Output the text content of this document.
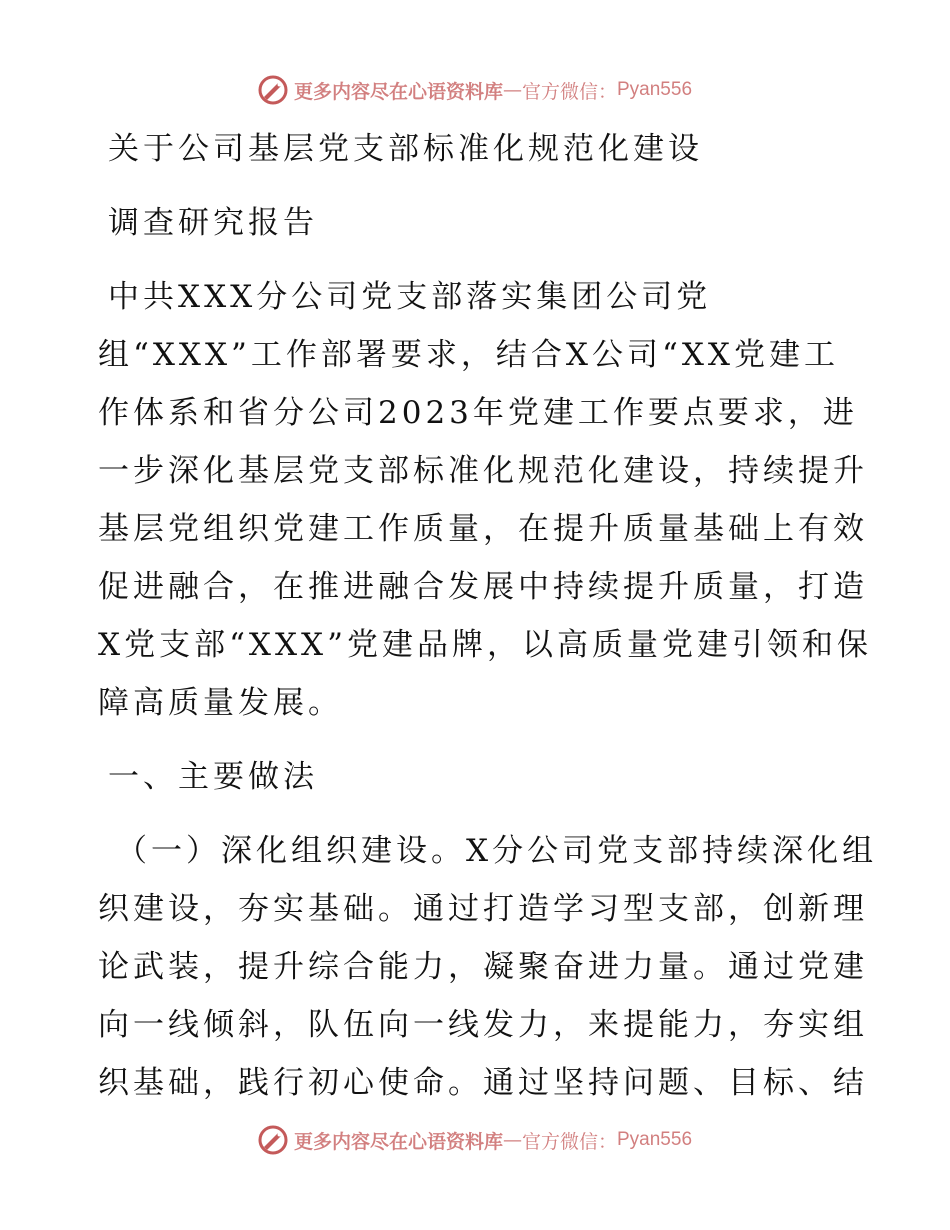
更多内容尽在心语资料库 — 官方微信： Pyan556
关于公司基层党支部标准化规范化建设
调查研究报告
中共XXX分公司党支部落实集团公司党
组“XXX”工作部署要求，结合X公司“XX党建工
作体系和省分公司2023年党建工作要点要求，进
一步深化基层党支部标准化规范化建设，持续提升
基层党组织党建工作质量，在提升质量基础上有效
促进融合，在推进融合发展中持续提升质量，打造
X党支部“XXX”党建品牌，以高质量党建引领和保
障高质量发展。
一、主要做法
（一）深化组织建设。X分公司党支部持续深化组
织建设，夯实基础。通过打造学习型支部，创新理
论武装，提升综合能力，凝聚奋进力量。通过党建
向一线倾斜，队伍向一线发力，来提能力，夯实组
织基础，践行初心使命。通过坚持问题、目标、结
更多内容尽在心语资料库 — 官方微信： Pyan556
